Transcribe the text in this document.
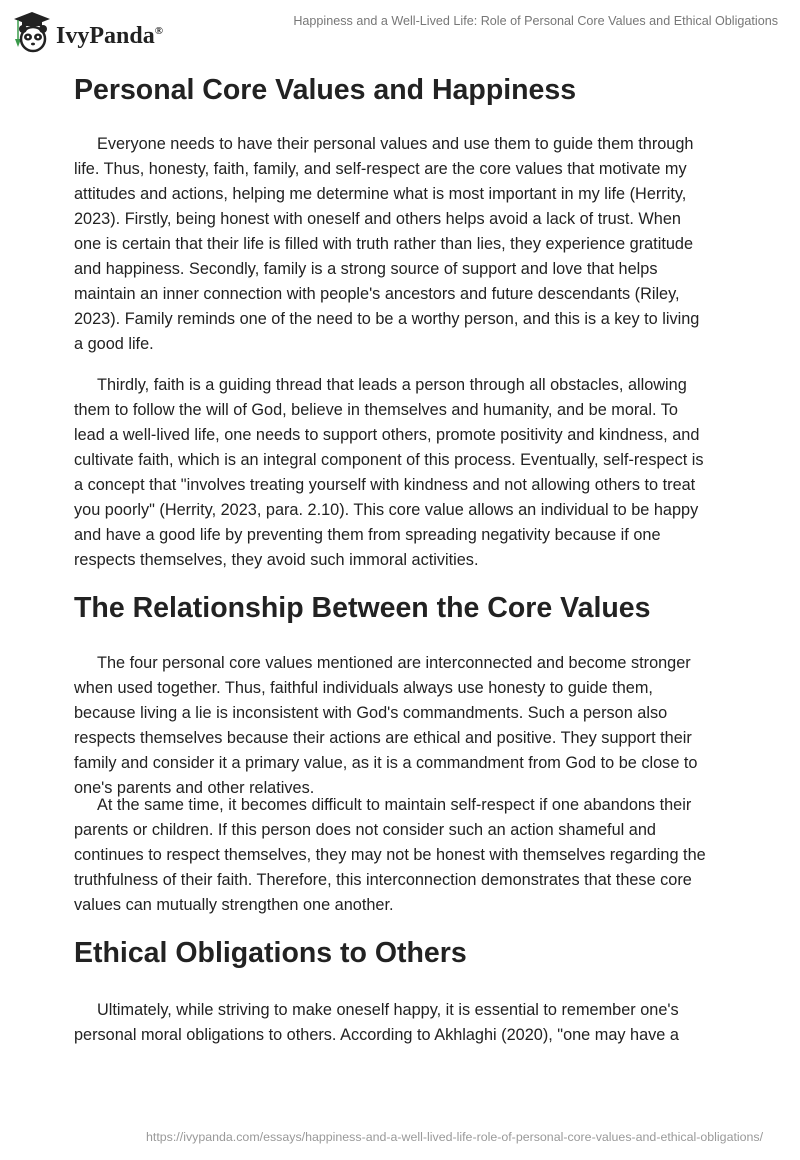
IvyPanda®
Happiness and a Well-Lived Life: Role of Personal Core Values and Ethical Obligations
Personal Core Values and Happiness
Everyone needs to have their personal values and use them to guide them through
life. Thus, honesty, faith, family, and self-respect are the core values that motivate my
attitudes and actions, helping me determine what is most important in my life (Herrity,
2023). Firstly, being honest with oneself and others helps avoid a lack of trust. When
one is certain that their life is filled with truth rather than lies, they experience gratitude
and happiness. Secondly, family is a strong source of support and love that helps
maintain an inner connection with people's ancestors and future descendants (Riley,
2023). Family reminds one of the need to be a worthy person, and this is a key to living
a good life.
Thirdly, faith is a guiding thread that leads a person through all obstacles, allowing
them to follow the will of God, believe in themselves and humanity, and be moral. To
lead a well-lived life, one needs to support others, promote positivity and kindness, and
cultivate faith, which is an integral component of this process. Eventually, self-respect is
a concept that "involves treating yourself with kindness and not allowing others to treat
you poorly" (Herrity, 2023, para. 2.10). This core value allows an individual to be happy
and have a good life by preventing them from spreading negativity because if one
respects themselves, they avoid such immoral activities.
The Relationship Between the Core Values
The four personal core values mentioned are interconnected and become stronger
when used together. Thus, faithful individuals always use honesty to guide them,
because living a lie is inconsistent with God's commandments. Such a person also
respects themselves because their actions are ethical and positive. They support their
family and consider it a primary value, as it is a commandment from God to be close to
one's parents and other relatives.
At the same time, it becomes difficult to maintain self-respect if one abandons their
parents or children. If this person does not consider such an action shameful and
continues to respect themselves, they may not be honest with themselves regarding the
truthfulness of their faith. Therefore, this interconnection demonstrates that these core
values can mutually strengthen one another.
Ethical Obligations to Others
Ultimately, while striving to make oneself happy, it is essential to remember one's
personal moral obligations to others. According to Akhlaghi (2020), "one may have a
https://ivypanda.com/essays/happiness-and-a-well-lived-life-role-of-personal-core-values-and-ethical-obligations/
